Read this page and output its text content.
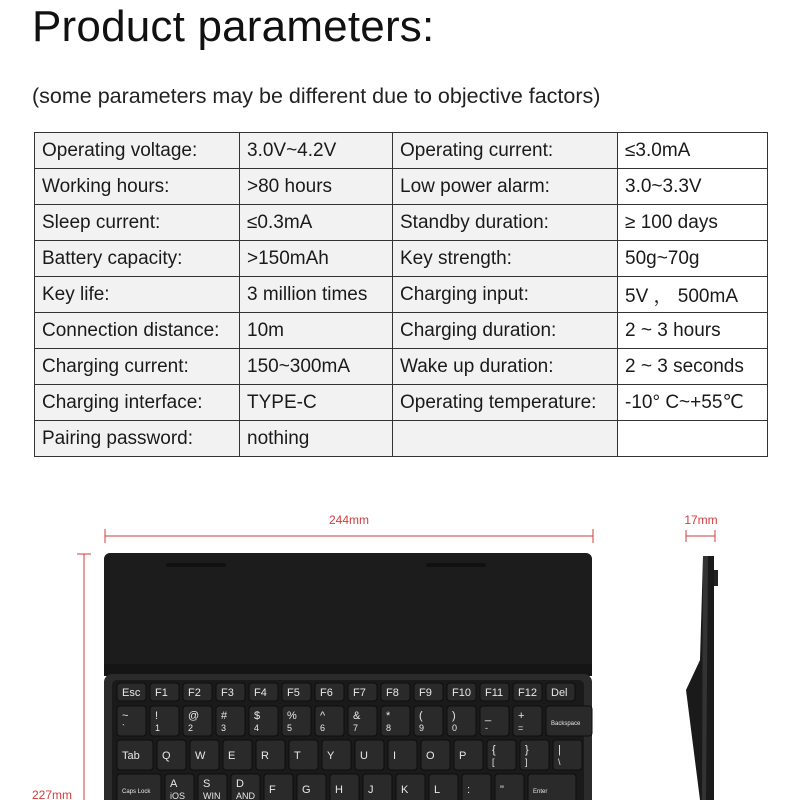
Product parameters:

(some parameters may be different due to objective factors)

Operating voltage:	3.0V~4.2V	Operating current:	≤3.0mA
Working hours:	>80 hours	Low power alarm:	3.0~3.3V
Sleep current:	≤0.3mA	Standby duration:	≥ 100 days
Battery capacity:	>150mAh	Key strength:	50g~70g
Key life:	3 million times	Charging input:	5V ， 500mA
Connection distance:	10m	Charging duration:	2 ~ 3 hours
Charging current:	150~300mA	Wake up duration:	2 ~ 3 seconds
Charging interface:	TYPE-C	Operating temperature:	-10° C~+55℃
Pairing password:	nothing		
244mm	17mm
227mm
Esc F1 F2 F3 F4 F5 F6 F7 F8 F9 F10 F11 F12 Del
~
`
!
1
@
2
#
3
$
4
%
5
^
6
&
7
*
8
(
9
)
0
_
-
+
=	Backspace
Tab Q W E R T Y U I	O P {
[
}
]
|
\
Caps Lock
A
iOS
S
WIN
D
AND F G H J	K L :	"	Enter
